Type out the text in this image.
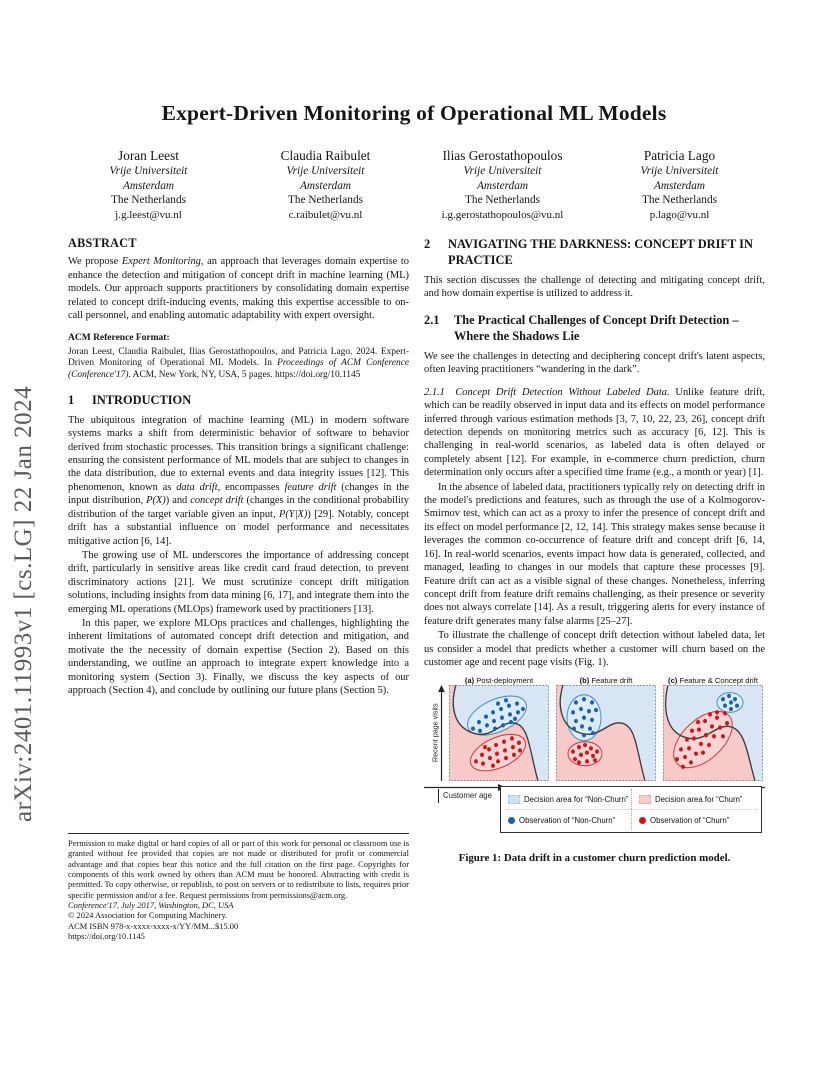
arXiv:2401.11993v1 [cs.LG] 22 Jan 2024
Expert-Driven Monitoring of Operational ML Models
Joran Leest
Vrije Universiteit
Amsterdam
The Netherlands
j.g.leest@vu.nl
Claudia Raibulet
Vrije Universiteit
Amsterdam
The Netherlands
c.raibulet@vu.nl
Ilias Gerostathopoulos
Vrije Universiteit
Amsterdam
The Netherlands
i.g.gerostathopoulos@vu.nl
Patricia Lago
Vrije Universiteit
Amsterdam
The Netherlands
p.lago@vu.nl
ABSTRACT
We propose Expert Monitoring, an approach that leverages domain expertise to enhance the detection and mitigation of concept drift in machine learning (ML) models. Our approach supports practitioners by consolidating domain expertise related to concept drift-inducing events, making this expertise accessible to on-call personnel, and enabling automatic adaptability with expert oversight.
ACM Reference Format:
Joran Leest, Claudia Raibulet, Ilias Gerostathopoulos, and Patricia Lago. 2024. Expert-Driven Monitoring of Operational ML Models. In Proceedings of ACM Conference (Conference'17). ACM, New York, NY, USA, 5 pages. https://doi.org/10.1145
1 INTRODUCTION
The ubiquitous integration of machine learning (ML) in modern software systems marks a shift from deterministic behavior of software to behavior derived from stochastic processes. This transition brings a significant challenge: ensuring the consistent performance of ML models that are subject to changes in the data distribution, due to external events and data integrity issues [12]. This phenomenon, known as data drift, encompasses feature drift (changes in the input distribution, P(X)) and concept drift (changes in the conditional probability distribution of the target variable given an input, P(Y|X)) [29]. Notably, concept drift has a substantial influence on model performance and necessitates mitigative action [6, 14].
The growing use of ML underscores the importance of addressing concept drift, particularly in sensitive areas like credit card fraud detection, to prevent discriminatory actions [21]. We must scrutinize concept drift mitigation solutions, including insights from data mining [6, 17], and integrate them into the emerging ML operations (MLOps) framework used by practitioners [13].
In this paper, we explore MLOps practices and challenges, highlighting the inherent limitations of automated concept drift detection and mitigation, and motivate the the necessity of domain expertise (Section 2). Based on this understanding, we outline an approach to integrate expert knowledge into a monitoring system (Section 3). Finally, we discuss the key aspects of our approach (Section 4), and conclude by outlining our future plans (Section 5).
2 NAVIGATING THE DARKNESS: CONCEPT DRIFT IN PRACTICE
This section discusses the challenge of detecting and mitigating concept drift, and how domain expertise is utilized to address it.
2.1 The Practical Challenges of Concept Drift Detection – Where the Shadows Lie
We see the challenges in detecting and deciphering concept drift's latent aspects, often leaving practitioners “wandering in the dark”.
2.1.1 Concept Drift Detection Without Labeled Data. Unlike feature drift, which can be readily observed in input data and its effects on model performance inferred through various estimation methods [3, 7, 10, 22, 23, 26], concept drift detection depends on monitoring metrics such as accuracy [6, 12]. This is challenging in real-world scenarios, as labeled data is often delayed or completely absent [12]. For example, in e-commerce churn prediction, churn determination only occurs after a specified time frame (e.g., a month or year) [1].
In the absence of labeled data, practitioners typically rely on detecting drift in the model's predictions and features, such as through the use of a Kolmogorov-Smirnov test, which can act as a proxy to infer the presence of concept drift and its effect on model performance [2, 12, 14]. This strategy makes sense because it leverages the common co-occurrence of feature drift and concept drift [6, 14, 16]. In real-world scenarios, events impact how data is generated, collected, and managed, leading to changes in our models that capture these processes [9]. Feature drift can act as a visible signal of these changes. Nonetheless, inferring concept drift from feature drift remains challenging, as their presence or severity does not always correlate [14]. As a result, triggering alerts for every instance of feature drift generates many false alarms [25–27].
To illustrate the challenge of concept drift detection without labeled data, let us consider a model that predicts whether a customer will churn based on the customer age and recent page visits (Fig. 1).
Recent page visits
Customer age	Decision area for “Non-Churn”	Decision area for “Churn”
Observation of “Non-Churn”	Observation of “Churn”
(a) Post-deployment	(b) Feature drift	(c) Feature & Concept drift
Figure 1: Data drift in a customer churn prediction model.
Permission to make digital or hard copies of all or part of this work for personal or classroom use is granted without fee provided that copies are not made or distributed for profit or commercial advantage and that copies bear this notice and the full citation on the first page. Copyrights for components of this work owned by others than ACM must be honored. Abstracting with credit is permitted. To copy otherwise, or republish, to post on servers or to redistribute to lists, requires prior specific permission and/or a fee. Request permissions from permissions@acm.org.
Conference'17, July 2017, Washington, DC, USA
© 2024 Association for Computing Machinery.
ACM ISBN 978-x-xxxx-xxxx-x/YY/MM...$15.00
https://doi.org/10.1145
